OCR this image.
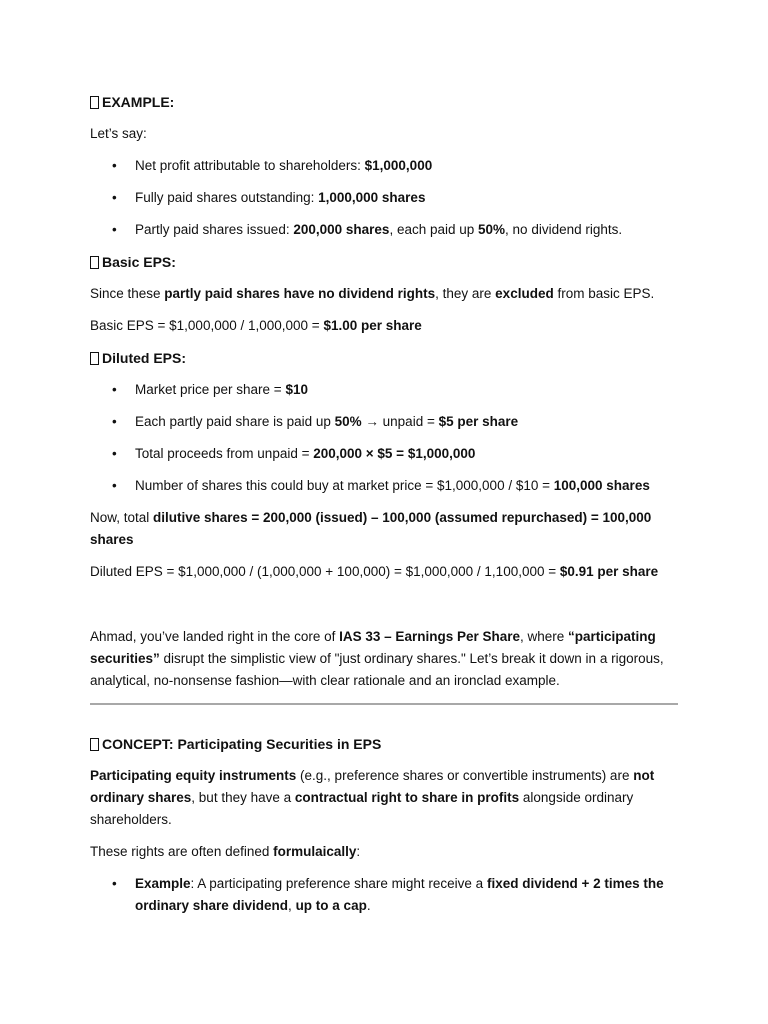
EXAMPLE:

Let’s say:

• Net profit attributable to shareholders: $1,000,000
• Fully paid shares outstanding: 1,000,000 shares
• Partly paid shares issued: 200,000 shares, each paid up 50%, no dividend rights.

Basic EPS:

Since these partly paid shares have no dividend rights, they are excluded from basic EPS.

Basic EPS = $1,000,000 / 1,000,000 = $1.00 per share

Diluted EPS:

• Market price per share = $10
• Each partly paid share is paid up 50% → unpaid = $5 per share
• Total proceeds from unpaid = 200,000 × $5 = $1,000,000
• Number of shares this could buy at market price = $1,000,000 / $10 = 100,000 shares

Now, total dilutive shares = 200,000 (issued) – 100,000 (assumed repurchased) = 100,000 shares

Diluted EPS = $1,000,000 / (1,000,000 + 100,000) = $1,000,000 / 1,100,000 = $0.91 per share

Ahmad, you’ve landed right in the core of IAS 33 – Earnings Per Share, where “participating securities” disrupt the simplistic view of "just ordinary shares." Let’s break it down in a rigorous, analytical, no-nonsense fashion—with clear rationale and an ironclad example.

CONCEPT: Participating Securities in EPS

Participating equity instruments (e.g., preference shares or convertible instruments) are not ordinary shares, but they have a contractual right to share in profits alongside ordinary shareholders.

These rights are often defined formulaically:

• Example: A participating preference share might receive a fixed dividend + 2 times the ordinary share dividend, up to a cap.
